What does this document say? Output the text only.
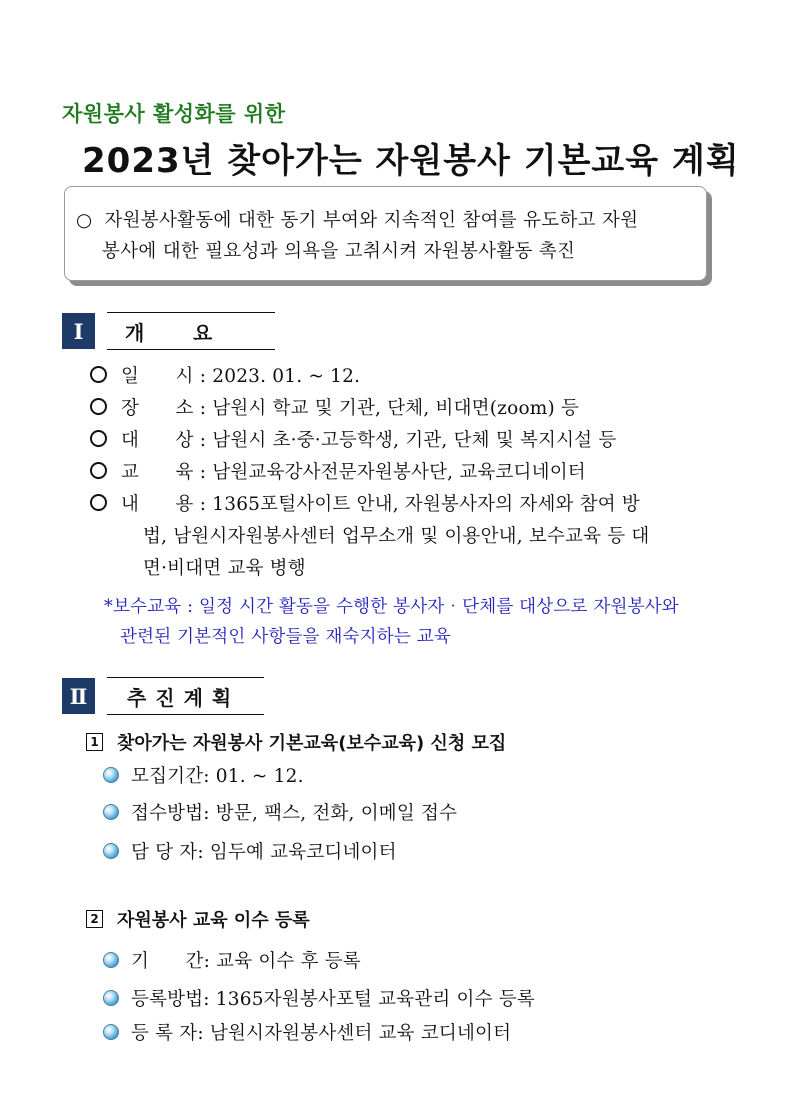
자원봉사 활성화를 위한
2023년 찾아가는 자원봉사 기본교육 계획
○ 자원봉사활동에 대한 동기 부여와 지속적인 참여를 유도하고 자원
봉사에 대한 필요성과 의욕을 고취시켜 자원봉사활동 촉진
Ⅰ	개       요
일      시 : 2023. 01. ~ 12.
장      소 : 남원시 학교 및 기관, 단체, 비대면(zoom) 등
대      상 : 남원시 초·중·고등학생, 기관, 단체 및 복지시설 등
교      육 : 남원교육강사전문자원봉사단, 교육코디네이터
내      용 : 1365포털사이트 안내, 자원봉사자의 자세와 참여 방
법, 남원시자원봉사센터 업무소개 및 이용안내, 보수교육 등 대
면·비대면 교육 병행
*보수교육 : 일정 시간 활동을 수행한 봉사자‧단체를 대상으로 자원봉사와
관련된 기본적인 사항들을 재숙지하는 교육
Ⅱ	추 진 계 획
1 찾아가는 자원봉사 기본교육(보수교육) 신청 모집
모집기간: 01. ~ 12.
접수방법: 방문, 팩스, 전화, 이메일 접수
담 당 자: 임두예 교육코디네이터
2 자원봉사 교육 이수 등록
기      간: 교육 이수 후 등록
등록방법: 1365자원봉사포털 교육관리 이수 등록
등 록 자: 남원시자원봉사센터 교육 코디네이터
